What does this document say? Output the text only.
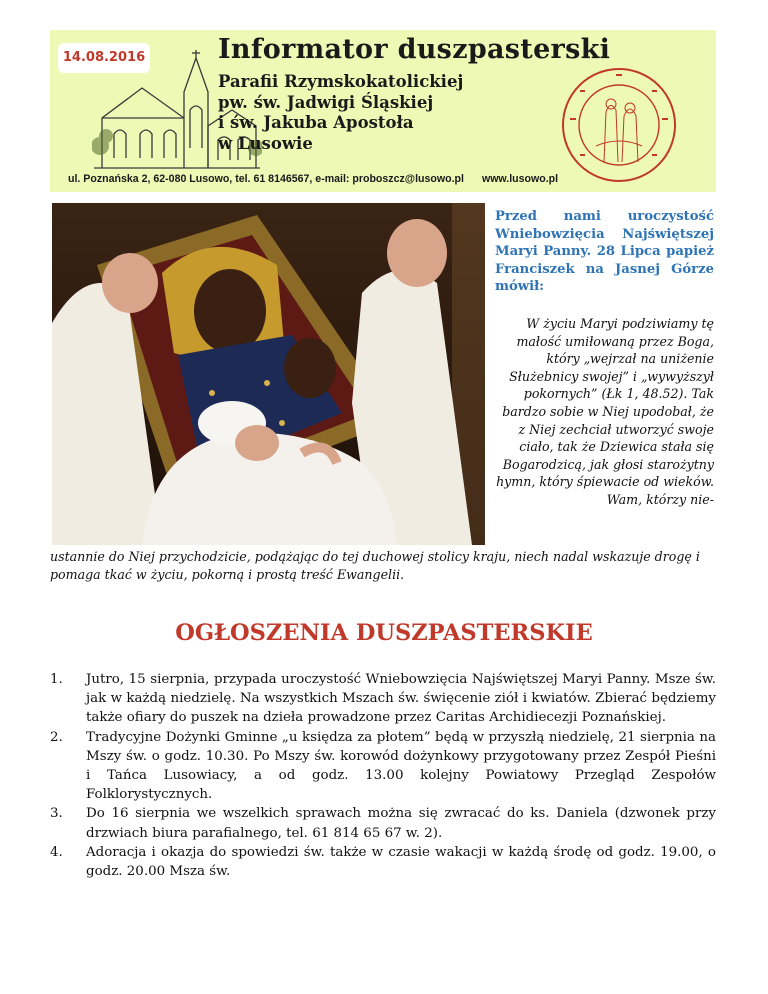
14.08.2016	Informator duszpasterski
Parafii Rzymskokatolickiej
pw. św. Jadwigi Śląskiej
i św. Jakuba Apostoła
w Lusowie
ul. Poznańska 2, 62-080 Lusowo, tel. 61 8146567, e-mail: proboszcz@lusowo.pl www.lusowo.pl
Przed nami uroczystość Wniebowzięcia Najświętszej Maryi Panny. 28 Lipca papież Franciszek na Jasnej Górze mówił:
W życiu Maryi podziwiamy tę małość umiłowaną przez Boga, który „wejrzał na uniżenie Służebnicy swojej” i „wywyższył pokornych” (Łk 1, 48.52). Tak bardzo sobie w Niej upodobał, że z Niej zechciał utworzyć swoje ciało, tak że Dziewica stała się Bogarodzicą, jak głosi starożytny hymn, który śpiewacie od wieków. Wam, którzy nie-
ustannie do Niej przychodzicie, podążając do tej duchowej stolicy kraju, niech nadal wskazuje drogę i pomaga tkać w życiu, pokorną i prostą treść Ewangelii.
OGŁOSZENIA DUSZPASTERSKIE
1. Jutro, 15 sierpnia, przypada uroczystość Wniebowzięcia Najświętszej Maryi Panny. Msze św. jak w każdą niedzielę. Na wszystkich Mszach św. święcenie ziół i kwiatów. Zbierać będziemy także ofiary do puszek na dzieła prowadzone przez Caritas Archidiecezji Poznańskiej.
2. Tradycyjne Dożynki Gminne „u księdza za płotem” będą w przyszłą niedzielę, 21 sierpnia na Mszy św. o godz. 10.30. Po Mszy św. korowód dożynkowy przygotowany przez Zespół Pieśni i Tańca Lusowiacy, a od godz. 13.00 kolejny Powiatowy Przegląd Zespołów Folklorystycznych.
3. Do 16 sierpnia we wszelkich sprawach można się zwracać do ks. Daniela (dzwonek przy drzwiach biura parafialnego, tel. 61 814 65 67 w. 2).
4. Adoracja i okazja do spowiedzi św. także w czasie wakacji w każdą środę od godz. 19.00, o godz. 20.00 Msza św.
